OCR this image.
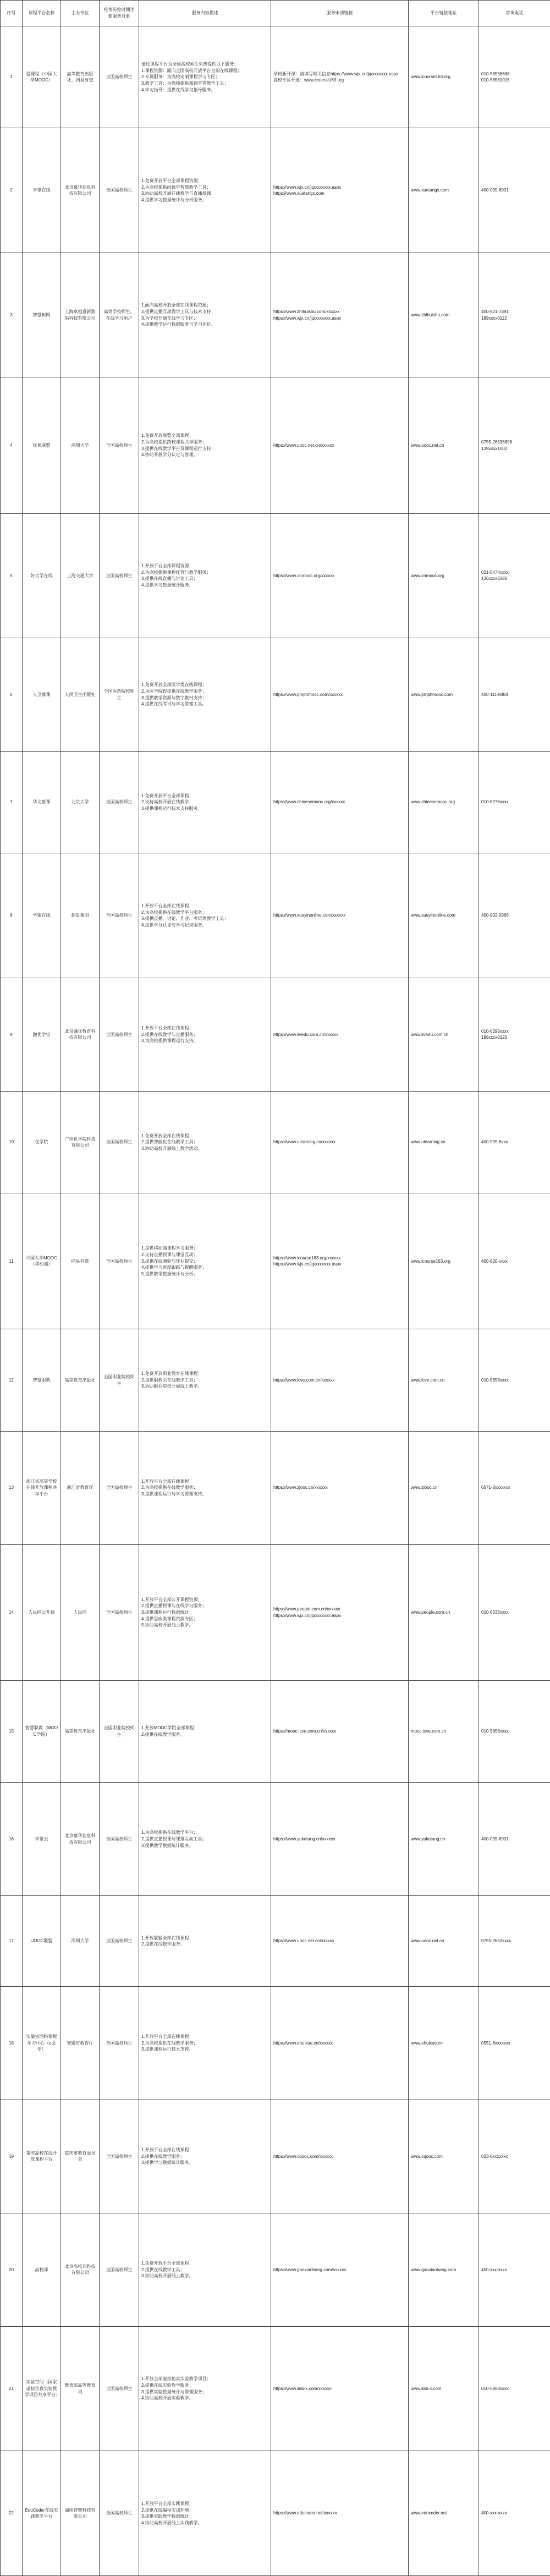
序号	课程平台名称	主办单位	疫情防控时期主要服务对象	服务内容描述	服务申请链接	平台链接地址	咨询电话
1	爱课程（中国大学MOOC）	高等教育出版社、网易有道	全国高校师生	通过课程平台为全国高校师生免费提供以下服务：
1.课程资源：面向全国高校开放平台全部在线课程；
2.专属服务：为高校定制课程学习专区；
3.教学工具：为教师提供慕课堂等教学工具；
4.学习指导：提供在线学习指导服务。	学校新开课：请填写相关信息https://www.wjx.cn/jq/xxxxxxx.aspx
高校专区开通：www.icourse163.org	www.icourse163.org	010-58556688
010-58581015

2	学堂在线	北京慕华信息科技有限公司	全国高校师生	1.免费开放平台全部课程资源；
2.为高校提供雨课堂智慧教学工具；
3.协助高校开展在线教学与直播授课；
4.提供学习数据统计与分析服务。	https://www.wjx.cn/jq/xxxxxxx.aspx
https://www.xuetangx.com	www.xuetangx.com	400-099-6901

3	智慧树网	上海卓越睿新数码科技有限公司	高等学校师生、在线学习用户	1.面向高校开放全部在线课程资源；
2.提供直播互动教学工具与技术支持；
3.为学校开通在线学习专区；
4.提供教学运行数据服务与学习评价。	https://www.zhihuishu.com/xxxxxx
https://www.wjx.cn/jq/xxxxxxx.aspx	www.zhihuishu.com	400-921-7891
189xxxx0112

4	优课联盟	深圳大学	全国高校师生	1.免费开放联盟全部课程；
2.为高校提供跨校课程共享服务；
3.提供在线教学平台及课程运行支持；
4.协助开展学分认定与管理。	https://www.uooc.net.cn/xxxxxx	www.uooc.net.cn	0755-26536896
139xxxx1002

5	好大学在线	上海交通大学	全国高校师生	1.开放平台全部课程资源；
2.为高校提供课程托管与教学服务；
3.提供在线直播与讨论工具；
4.提供学习数据统计服务。	https://www.cnmooc.org/xxxxxx	www.cnmooc.org	021-5474xxxx
136xxxx3386

6	人卫慕课	人民卫生出版社	全国医药院校师生	1.免费开放全部医学类在线课程；
2.为医学院校提供在线教学服务；
3.提供教学资源与数字教材支持；
4.提供在线考试与学习管理工具。	https://www.pmphmooc.com/xxxxxx	www.pmphmooc.com	400-111-8484

7	华文慕课	北京大学	全国高校师生	1.免费开放平台全部课程；
2.支持高校开展在线教学；
3.提供课程运行技术支持服务。	https://www.chinesemooc.org/xxxxxx	www.chinesemooc.org	010-6276xxxx

8	学银在线	超星集团	全国高校师生	1.开放平台全部在线课程；
2.为高校提供在线教学平台服务；
3.提供直播、讨论、作业、考试等教学工具；
4.提供学分认证与学习记录服务。	https://www.xueyinonline.com/xxxxxx	www.xueyinonline.com	400-902-0966

9	融优学堂	北京融优教育科技有限公司	全国高校师生	1.开放平台全部在线课程；
2.提供在线教学与直播服务；
3.为高校提供课程运行支持。	https://www.livedu.com.cn/xxxxxx	www.livedu.com.cn	010-6296xxxx
186xxxx0125

10	优学院	广州优学院科技有限公司	全国高校师生	1.免费开放全部在线课程；
2.提供智能化在线教学工具；
3.协助高校开展线上教学活动。	https://www.ulearning.cn/xxxxxx	www.ulearning.cn	400-999-8xxx

11	中国大学MOOC（移动端）	网易有道	全国高校师生	1.提供移动端课程学习服务；
2.支持直播授课与课堂互动；
3.提供在线测验与作业提交；
4.提供学习进度跟踪与提醒服务；
5.提供教学数据统计与分析。	https://www.icourse163.org/xxxxxx
https://www.wjx.cn/jq/xxxxxxx.aspx	www.icourse163.org	400-820-xxxx

12	智慧职教	高等教育出版社	全国职业院校师生	1.免费开放职业教育在线课程；
2.提供职教云在线教学工具；
3.协助职业院校开展线上教学。	https://www.icve.com.cn/xxxxxx	www.icve.com.cn	010-5858xxxx

13	浙江省高等学校在线开放课程共享平台	浙江省教育厅	全国高校师生	1.开放平台全部在线课程；
2.为高校提供在线教学服务；
3.提供课程运行与学习管理支持。	https://www.zjooc.cn/xxxxxx	www.zjooc.cn	0571-8xxxxxxx

14	人民网公开课	人民网	全国高校师生	1.开放平台全部公开课程资源；
2.提供直播授课与在线学习服务；
3.提供课程运行数据统计；
4.提供思政类课程资源专区；
5.协助高校开展线上教学。	https://www.people.com.cn/xxxxxx
https://www.wjx.cn/jq/xxxxxxx.aspx	www.people.com.cn	010-6536xxxx

15	智慧职教（MOOC学院）	高等教育出版社	全国职业院校师生	1.开放MOOC学院全部课程；
2.提供在线教学服务。	https://mooc.icve.com.cn/xxxxxx	mooc.icve.com.cn	010-5858xxxx

16	学堂云	北京慕华信息科技有限公司	全国高校师生	1.为高校提供在线教学平台；
2.提供直播授课与课堂互动工具；
3.提供教学数据统计服务。	https://www.yuketang.cn/xxxxxx	www.yuketang.cn	400-099-6901

17	UOOC联盟	深圳大学	全国高校师生	1.开放联盟全部在线课程；
2.提供在线教学服务。	https://www.uooc.net.cn/xxxxxx	www.uooc.net.cn	0755-2653xxxx

18	安徽省网络课程学习中心（e会学）	安徽省教育厅	全国高校师生	1.开放平台全部在线课程；
2.为高校提供在线教学服务；
3.提供课程运行技术支持。	https://www.ehuixue.cn/xxxxxx	www.ehuixue.cn	0551-6xxxxxxx

19	重庆高校在线开放课程平台	重庆市教育委员会	全国高校师生	1.开放平台全部在线课程；
2.提供在线教学服务；
3.提供学习数据统计服务。	https://www.cqooc.com/xxxxxx	www.cqooc.com	023-6xxxxxxx

20	高校邦	北京高校邦科技有限公司	全国高校师生	1.免费开放平台全部课程；
2.提供在线教学工具；
3.协助高校开展线上教学。	https://www.gaoxiaobang.com/xxxxxx	www.gaoxiaobang.com	400-xxx-xxxx

21	实验空间（国家虚拟仿真实验教学项目共享平台）	教育部高等教育司	全国高校师生	1.开放全部虚拟仿真实验教学项目；
2.提供在线实验教学服务；
3.提供实验数据统计与管理服务；
4.协助高校开展实验教学。	https://www.ilab-x.com/xxxxxx	www.ilab-x.com	010-5858xxxx

22	EduCoder在线实践教学平台	湖南智擎科技有限公司	全国高校师生	1.开放平台全部实践课程；
2.提供在线编程实训环境；
3.提供实践教学数据统计；
4.协助高校开展线上实践教学。	https://www.educoder.net/xxxxxx	www.educoder.net	400-xxx-xxxx
